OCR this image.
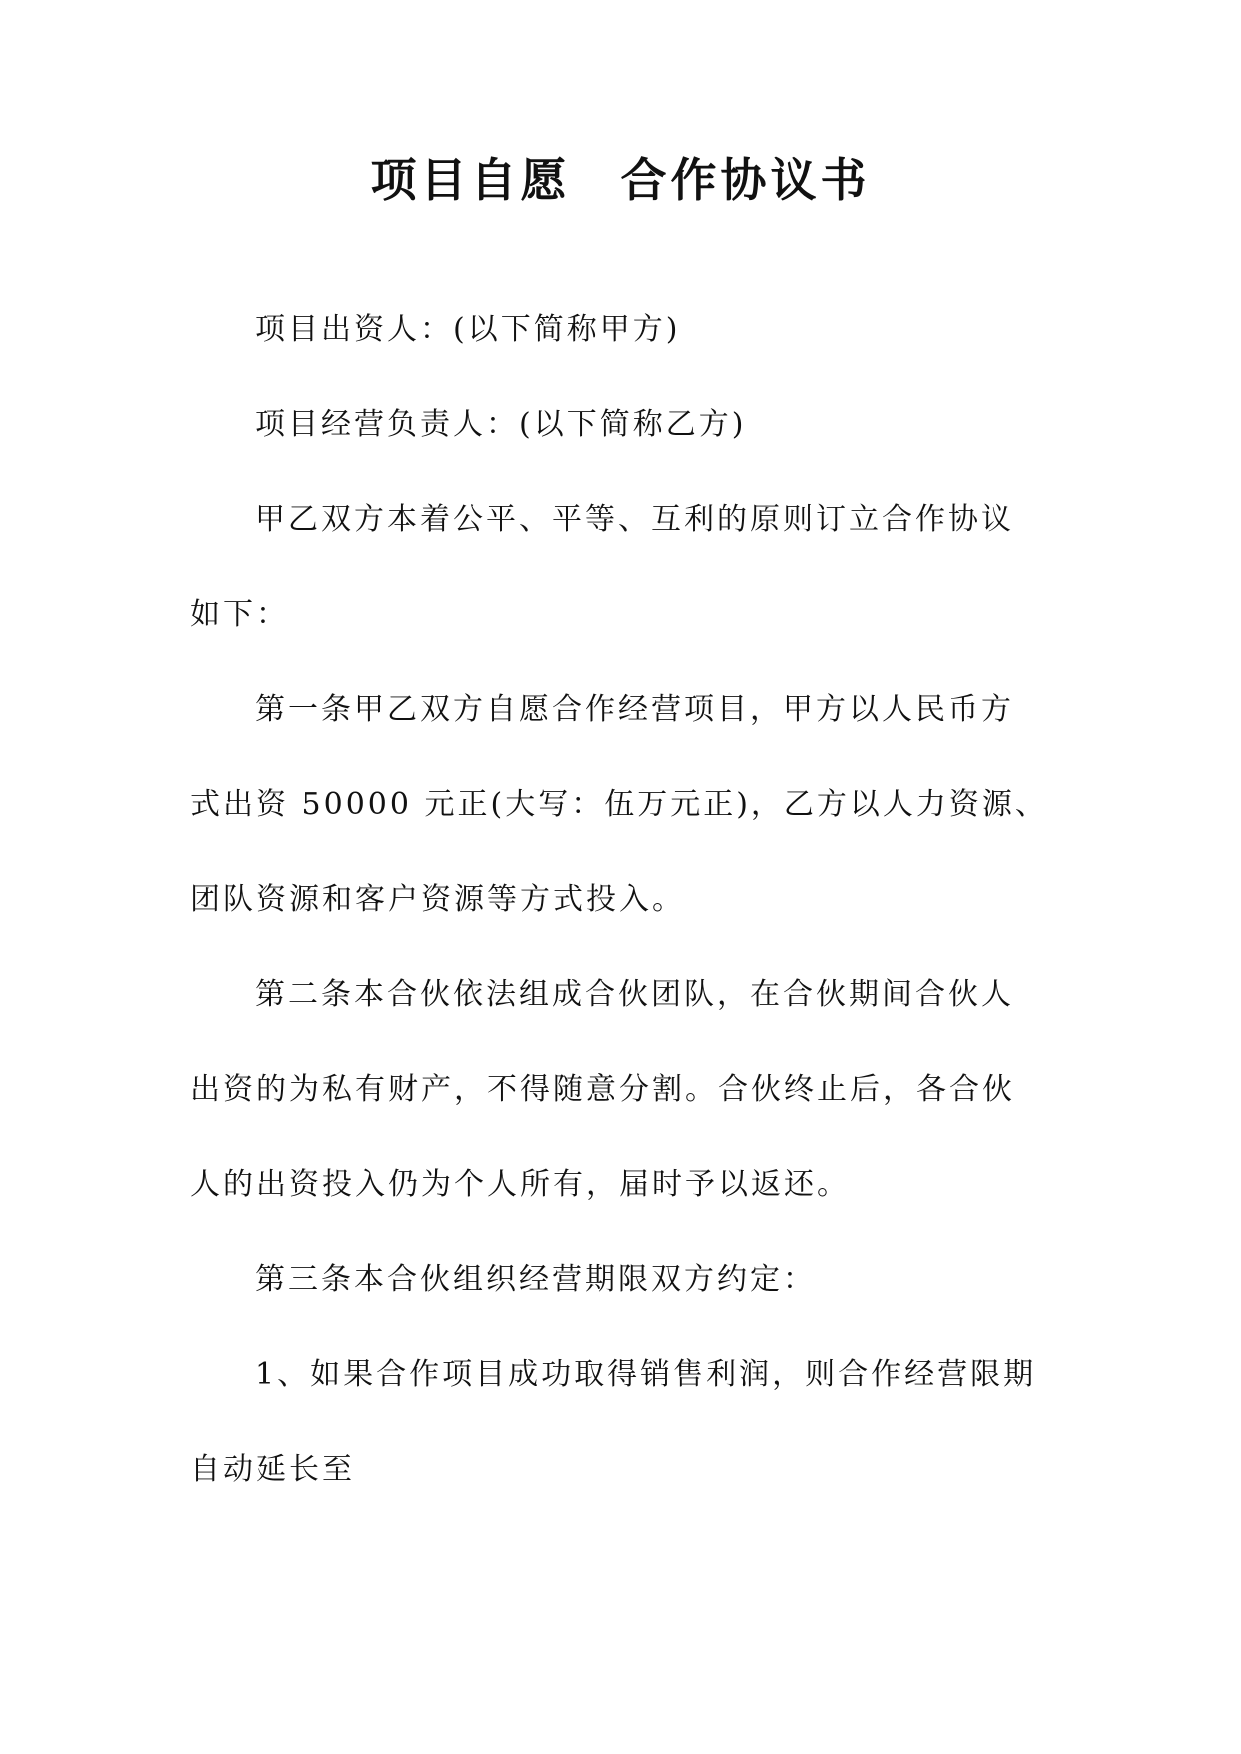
项目自愿　合作协议书

项目出资人：(以下简称甲方)

项目经营负责人：(以下简称乙方)

甲乙双方本着公平、平等、互利的原则订立合作协议

如下：

第一条甲乙双方自愿合作经营项目，甲方以人民币方

式出资 50000 元正(大写：伍万元正)，乙方以人力资源、

团队资源和客户资源等方式投入。

第二条本合伙依法组成合伙团队，在合伙期间合伙人

出资的为私有财产，不得随意分割。合伙终止后，各合伙

人的出资投入仍为个人所有，届时予以返还。

第三条本合伙组织经营期限双方约定：

1、如果合作项目成功取得销售利润，则合作经营限期

自动延长至
